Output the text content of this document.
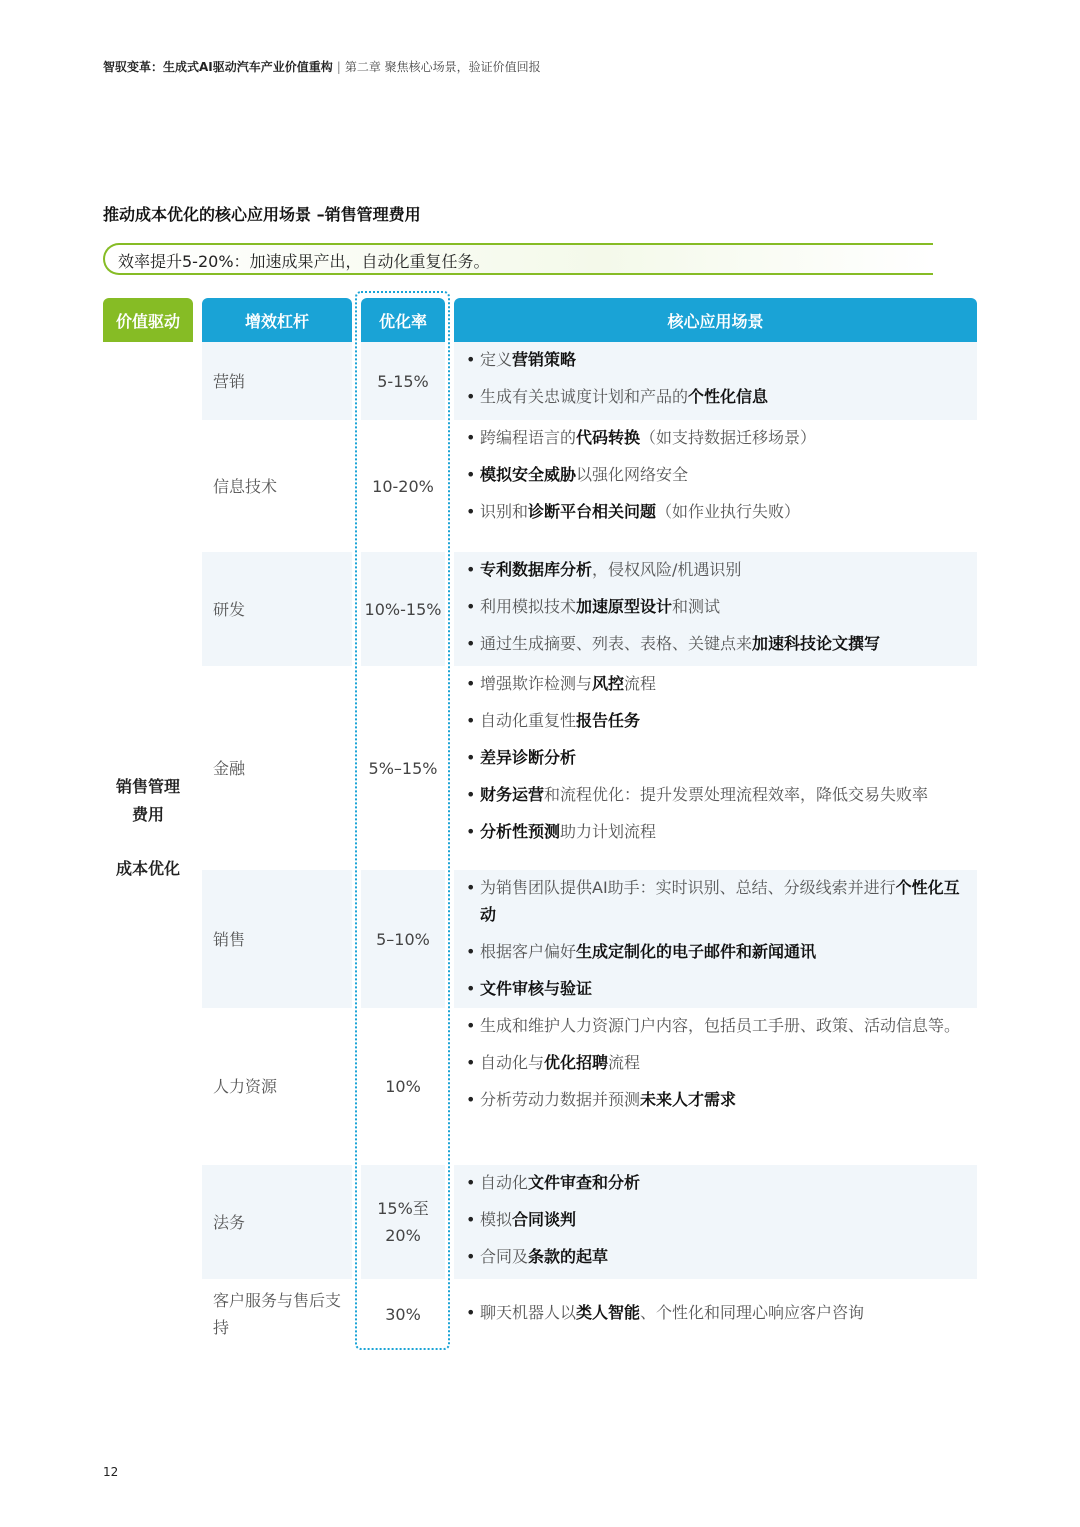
智驭变革：生成式AI驱动汽车产业价值重构 | 第二章 聚焦核心场景，验证价值回报
推动成本优化的核心应用场景 –销售管理费用
效率提升5-20%：加速成果产出，自动化重复任务。
价值驱动	增效杠杆	优化率	核心应用场景
销售管理
费用
成本优化
营销	5-15%
• 定义营销策略
• 生成有关忠诚度计划和产品的个性化信息
信息技术	10-20%
• 跨编程语言的代码转换（如支持数据迁移场景）
• 模拟安全威胁以强化网络安全
• 识别和诊断平台相关问题（如作业执行失败）
研发	10%-15%
• 专利数据库分析，侵权风险/机遇识别
• 利用模拟技术加速原型设计和测试
• 通过生成摘要、列表、表格、关键点来加速科技论文撰写
金融	5%–15%
• 增强欺诈检测与风控流程
• 自动化重复性报告任务
• 差异诊断分析
• 财务运营和流程优化：提升发票处理流程效率，降低交易失败率
• 分析性预测助力计划流程
销售	5–10%
• 为销售团队提供AI助手：实时识别、总结、分级线索并进行个性化互动
• 根据客户偏好生成定制化的电子邮件和新闻通讯
• 文件审核与验证
人力资源	10%
• 生成和维护人力资源门户内容，包括员工手册、政策、活动信息等。
• 自动化与优化招聘流程
• 分析劳动力数据并预测未来人才需求
法务
15%至20%
• 自动化文件审查和分析
• 模拟合同谈判
• 合同及条款的起草
客户服务与售后支持
30%
•	聊天机器人以类人智能、个性化和同理心响应客户咨询
12
